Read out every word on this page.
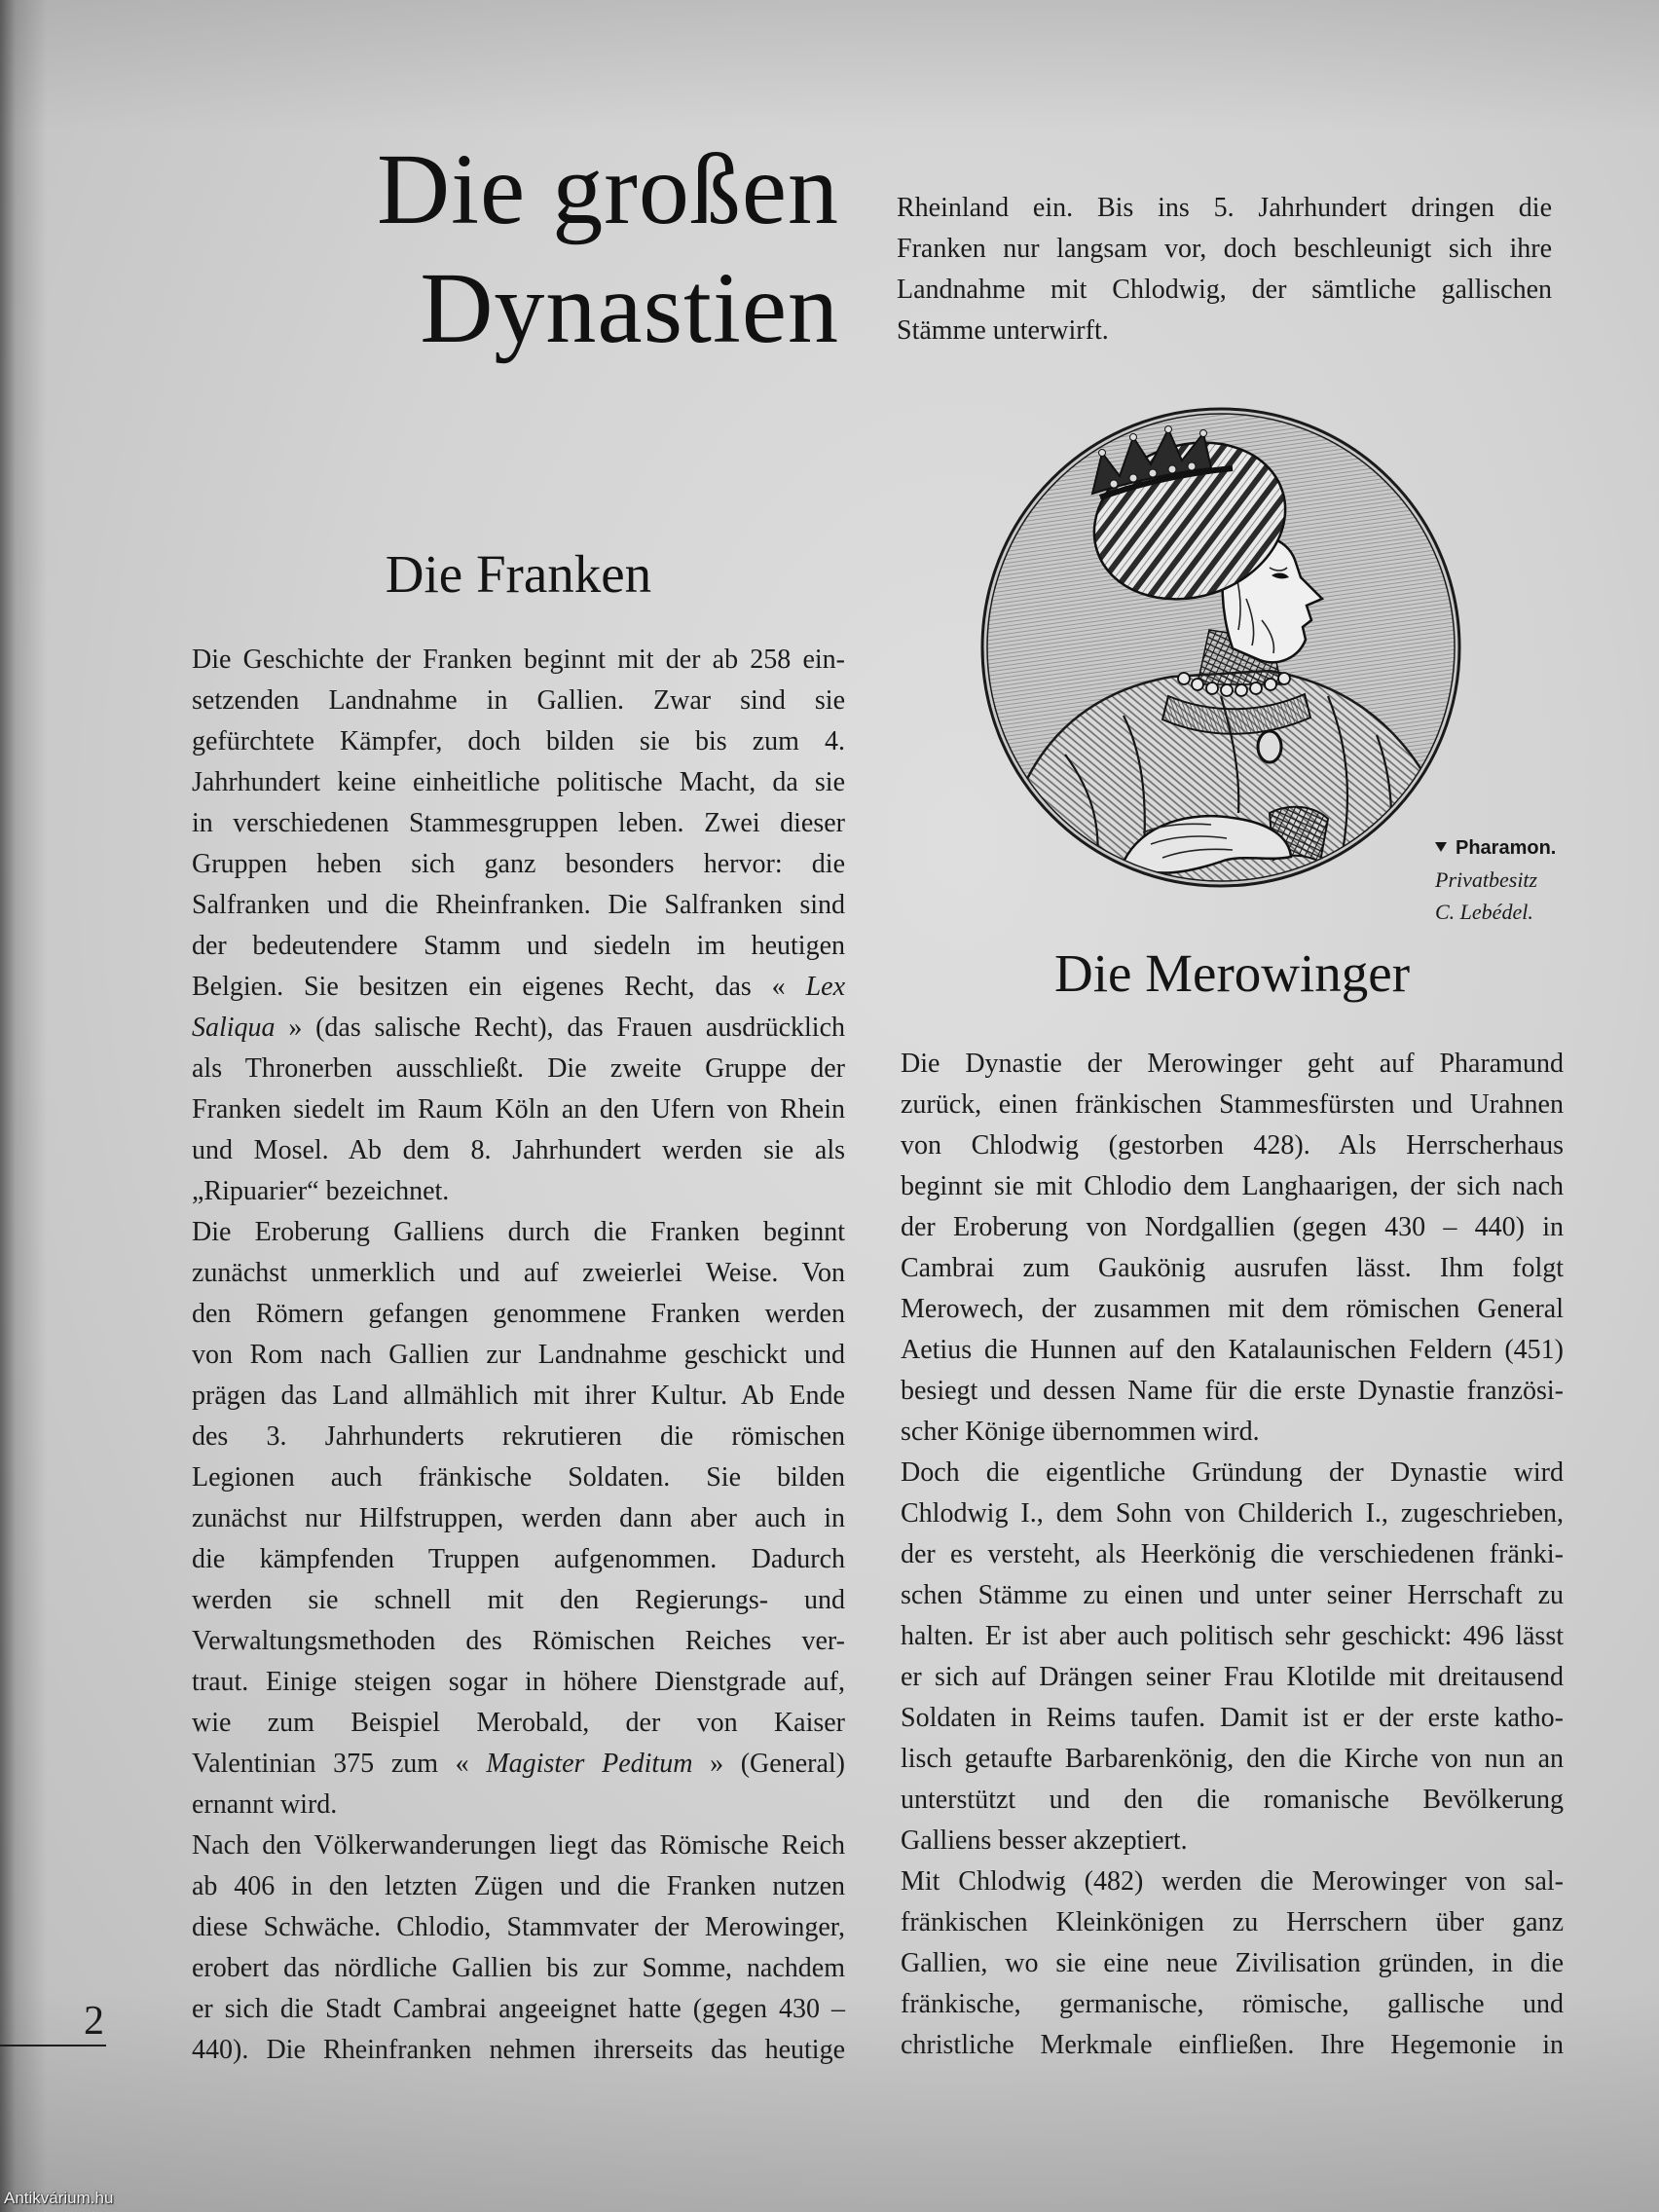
Die großen
Dynastien
Rheinland ein. Bis ins 5. Jahrhundert dringen die
Franken nur langsam vor, doch beschleunigt sich ihre
Landnahme mit Chlodwig, der sämtliche gallischen
Stämme unterwirft.
Die Franken
Die Geschichte der Franken beginnt mit der ab 258 ein-
setzenden Landnahme in Gallien. Zwar sind sie
gefürchtete Kämpfer, doch bilden sie bis zum 4.
Jahrhundert keine einheitliche politische Macht, da sie
in verschiedenen Stammesgruppen leben. Zwei dieser
Gruppen heben sich ganz besonders hervor: die
Salfranken und die Rheinfranken. Die Salfranken sind
der bedeutendere Stamm und siedeln im heutigen
Belgien. Sie besitzen ein eigenes Recht, das « Lex
Saliqua » (das salische Recht), das Frauen ausdrücklich
als Thronerben ausschließt. Die zweite Gruppe der
Franken siedelt im Raum Köln an den Ufern von Rhein
und Mosel. Ab dem 8. Jahrhundert werden sie als
„Ripuarier“ bezeichnet.
Die Eroberung Galliens durch die Franken beginnt
zunächst unmerklich und auf zweierlei Weise. Von
den Römern gefangen genommene Franken werden
von Rom nach Gallien zur Landnahme geschickt und
prägen das Land allmählich mit ihrer Kultur. Ab Ende
des 3. Jahrhunderts rekrutieren die römischen
Legionen auch fränkische Soldaten. Sie bilden
zunächst nur Hilfstruppen, werden dann aber auch in
die kämpfenden Truppen aufgenommen. Dadurch
werden sie schnell mit den Regierungs- und
Verwaltungsmethoden des Römischen Reiches ver-
traut. Einige steigen sogar in höhere Dienstgrade auf,
wie zum Beispiel Merobald, der von Kaiser
Valentinian 375 zum « Magister Peditum » (General)
ernannt wird.
Nach den Völkerwanderungen liegt das Römische Reich
ab 406 in den letzten Zügen und die Franken nutzen
diese Schwäche. Chlodio, Stammvater der Merowinger,
erobert das nördliche Gallien bis zur Somme, nachdem
er sich die Stadt Cambrai angeeignet hatte (gegen 430 –
440). Die Rheinfranken nehmen ihrerseits das heutige
Pharamon.
Privatbesitz
C. Lebédel.
Die Merowinger
Die Dynastie der Merowinger geht auf Pharamund
zurück, einen fränkischen Stammesfürsten und Urahnen
von Chlodwig (gestorben 428). Als Herrscherhaus
beginnt sie mit Chlodio dem Langhaarigen, der sich nach
der Eroberung von Nordgallien (gegen 430 – 440) in
Cambrai zum Gaukönig ausrufen lässt. Ihm folgt
Merowech, der zusammen mit dem römischen General
Aetius die Hunnen auf den Katalaunischen Feldern (451)
besiegt und dessen Name für die erste Dynastie französi-
scher Könige übernommen wird.
Doch die eigentliche Gründung der Dynastie wird
Chlodwig I., dem Sohn von Childerich I., zugeschrieben,
der es versteht, als Heerkönig die verschiedenen fränki-
schen Stämme zu einen und unter seiner Herrschaft zu
halten. Er ist aber auch politisch sehr geschickt: 496 lässt
er sich auf Drängen seiner Frau Klotilde mit dreitausend
Soldaten in Reims taufen. Damit ist er der erste katho-
lisch getaufte Barbarenkönig, den die Kirche von nun an
unterstützt und den die romanische Bevölkerung
Galliens besser akzeptiert.
Mit Chlodwig (482) werden die Merowinger von sal-
fränkischen Kleinkönigen zu Herrschern über ganz
Gallien, wo sie eine neue Zivilisation gründen, in die
fränkische, germanische, römische, gallische und
christliche Merkmale einfließen. Ihre Hegemonie in
2
Antikvárium.hu
